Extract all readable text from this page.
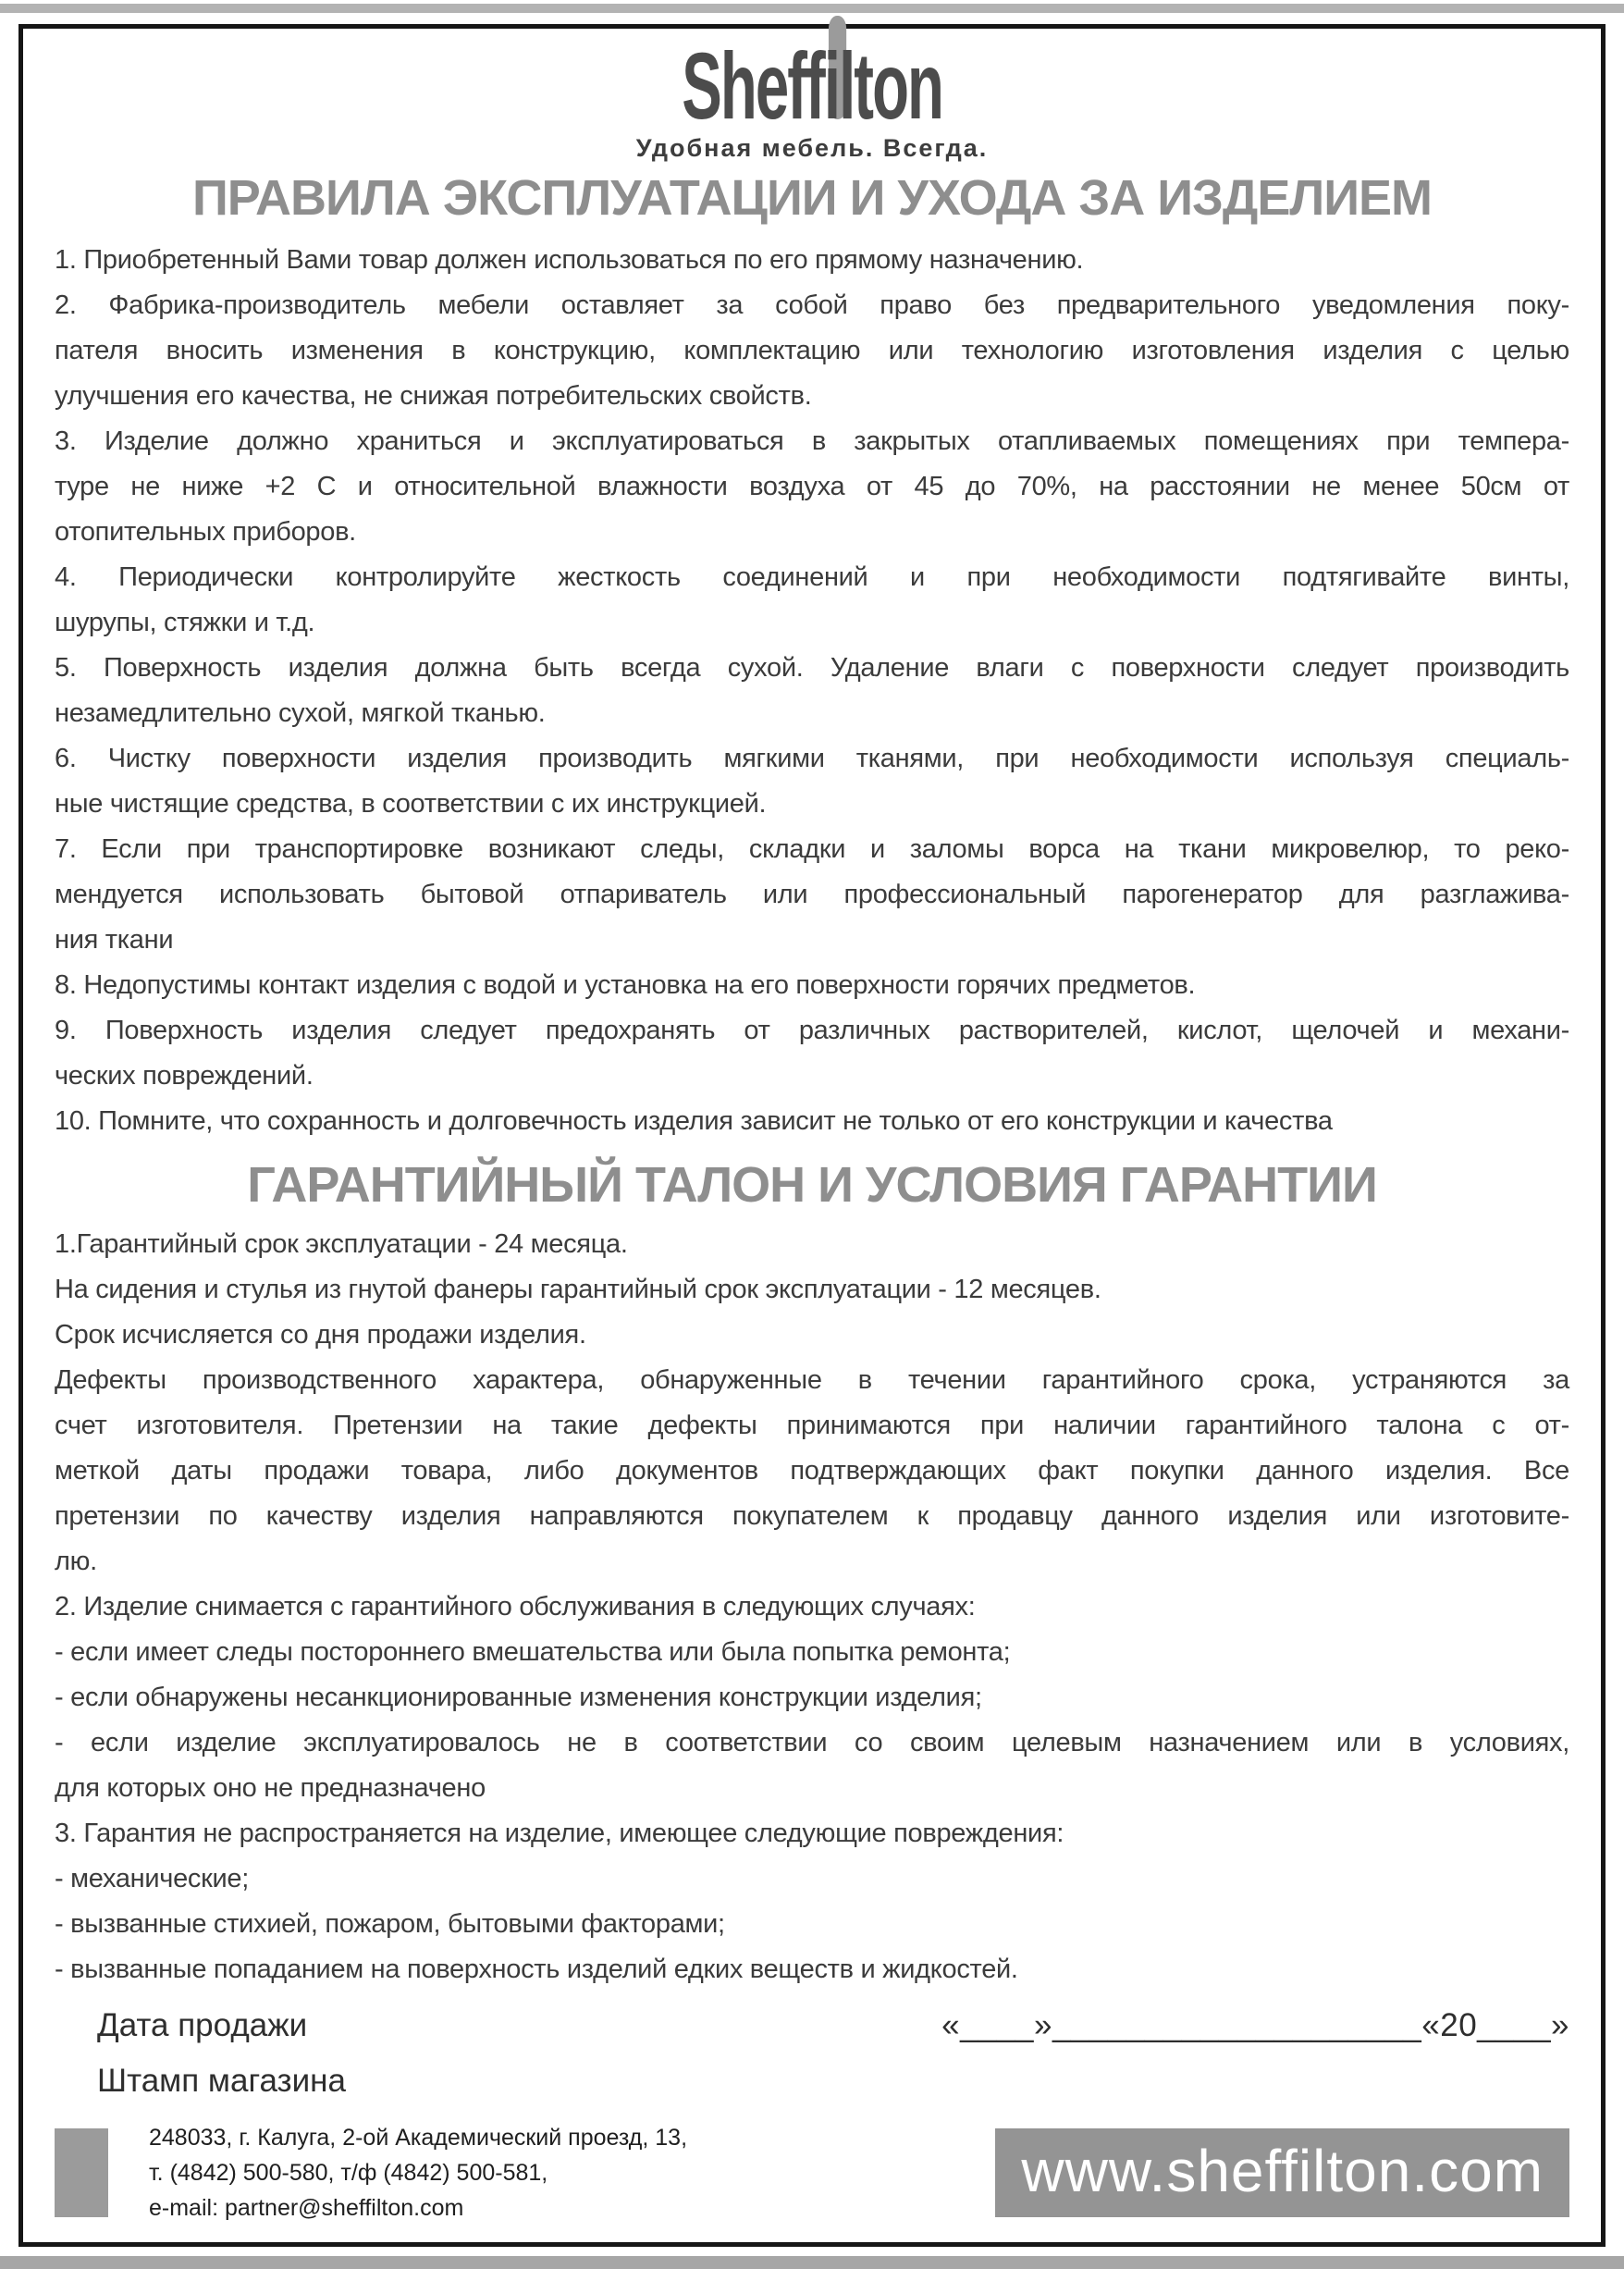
Sheffilton
Удобная мебель. Всегда.
ПРАВИЛА ЭКСПЛУАТАЦИИ И УХОДА ЗА ИЗДЕЛИЕМ
1. Приобретенный Вами товар должен использоваться по его прямому назначению.
2. Фабрика-производитель мебели оставляет за собой право без предварительного уведомления поку-
пателя вносить изменения в конструкцию, комплектацию или технологию изготовления изделия с целью
улучшения его качества, не снижая потребительских свойств.
3. Изделие должно храниться и эксплуатироваться в закрытых отапливаемых помещениях при темпера-
туре не ниже +2 С и относительной влажности воздуха от 45 до 70%, на расстоянии не менее 50см от
отопительных приборов.
4. Периодически контролируйте жесткость соединений и при необходимости подтягивайте винты,
шурупы, стяжки и т.д.
5. Поверхность изделия должна быть всегда сухой. Удаление влаги с поверхности следует производить
незамедлительно сухой, мягкой тканью.
6. Чистку поверхности изделия производить мягкими тканями, при необходимости используя специаль-
ные чистящие средства, в соответствии с их инструкцией.
7. Если при транспортировке возникают следы, складки и заломы ворса на ткани микровелюр, то реко-
мендуется использовать бытовой отпариватель или профессиональный парогенератор для разглажива-
ния ткани
8. Недопустимы контакт изделия с водой и установка на его поверхности горячих предметов.
9. Поверхность изделия следует предохранять от различных растворителей, кислот, щелочей и механи-
ческих повреждений.
10. Помните, что сохранность и долговечность изделия зависит не только от его конструкции и качества
ГАРАНТИЙНЫЙ ТАЛОН И УСЛОВИЯ ГАРАНТИИ
1.Гарантийный срок эксплуатации - 24 месяца.
На сидения и стулья из гнутой фанеры гарантийный срок эксплуатации - 12 месяцев.
Срок исчисляется со дня продажи изделия.
Дефекты производственного характера, обнаруженные в течении гарантийного срока, устраняются за
счет изготовителя. Претензии на такие дефекты принимаются при наличии гарантийного талона с от-
меткой даты продажи товара, либо документов подтверждающих факт покупки данного изделия. Все
претензии по качеству изделия направляются покупателем к продавцу данного изделия или изготовите-
лю.
2. Изделие снимается с гарантийного обслуживания в следующих случаях:
- если имеет следы постороннего вмешательства или была попытка ремонта;
- если обнаружены несанкционированные изменения конструкции изделия;
- если изделие эксплуатировалось не в соответствии со своим целевым назначением или в условиях,
для которых оно не предназначено
3. Гарантия не распространяется на изделие, имеющее следующие повреждения:
- механические;
- вызванные стихией, пожаром, бытовыми факторами;
- вызванные попаданием на поверхность изделий едких веществ и жидкостей.
Дата продажи	«____»____________________«20____»
Штамп магазина
248033, г. Калуга, 2-ой Академический проезд, 13,
т. (4842) 500-580, т/ф (4842) 500-581,
e-mail: partner@sheffilton.com
www.sheffilton.com
